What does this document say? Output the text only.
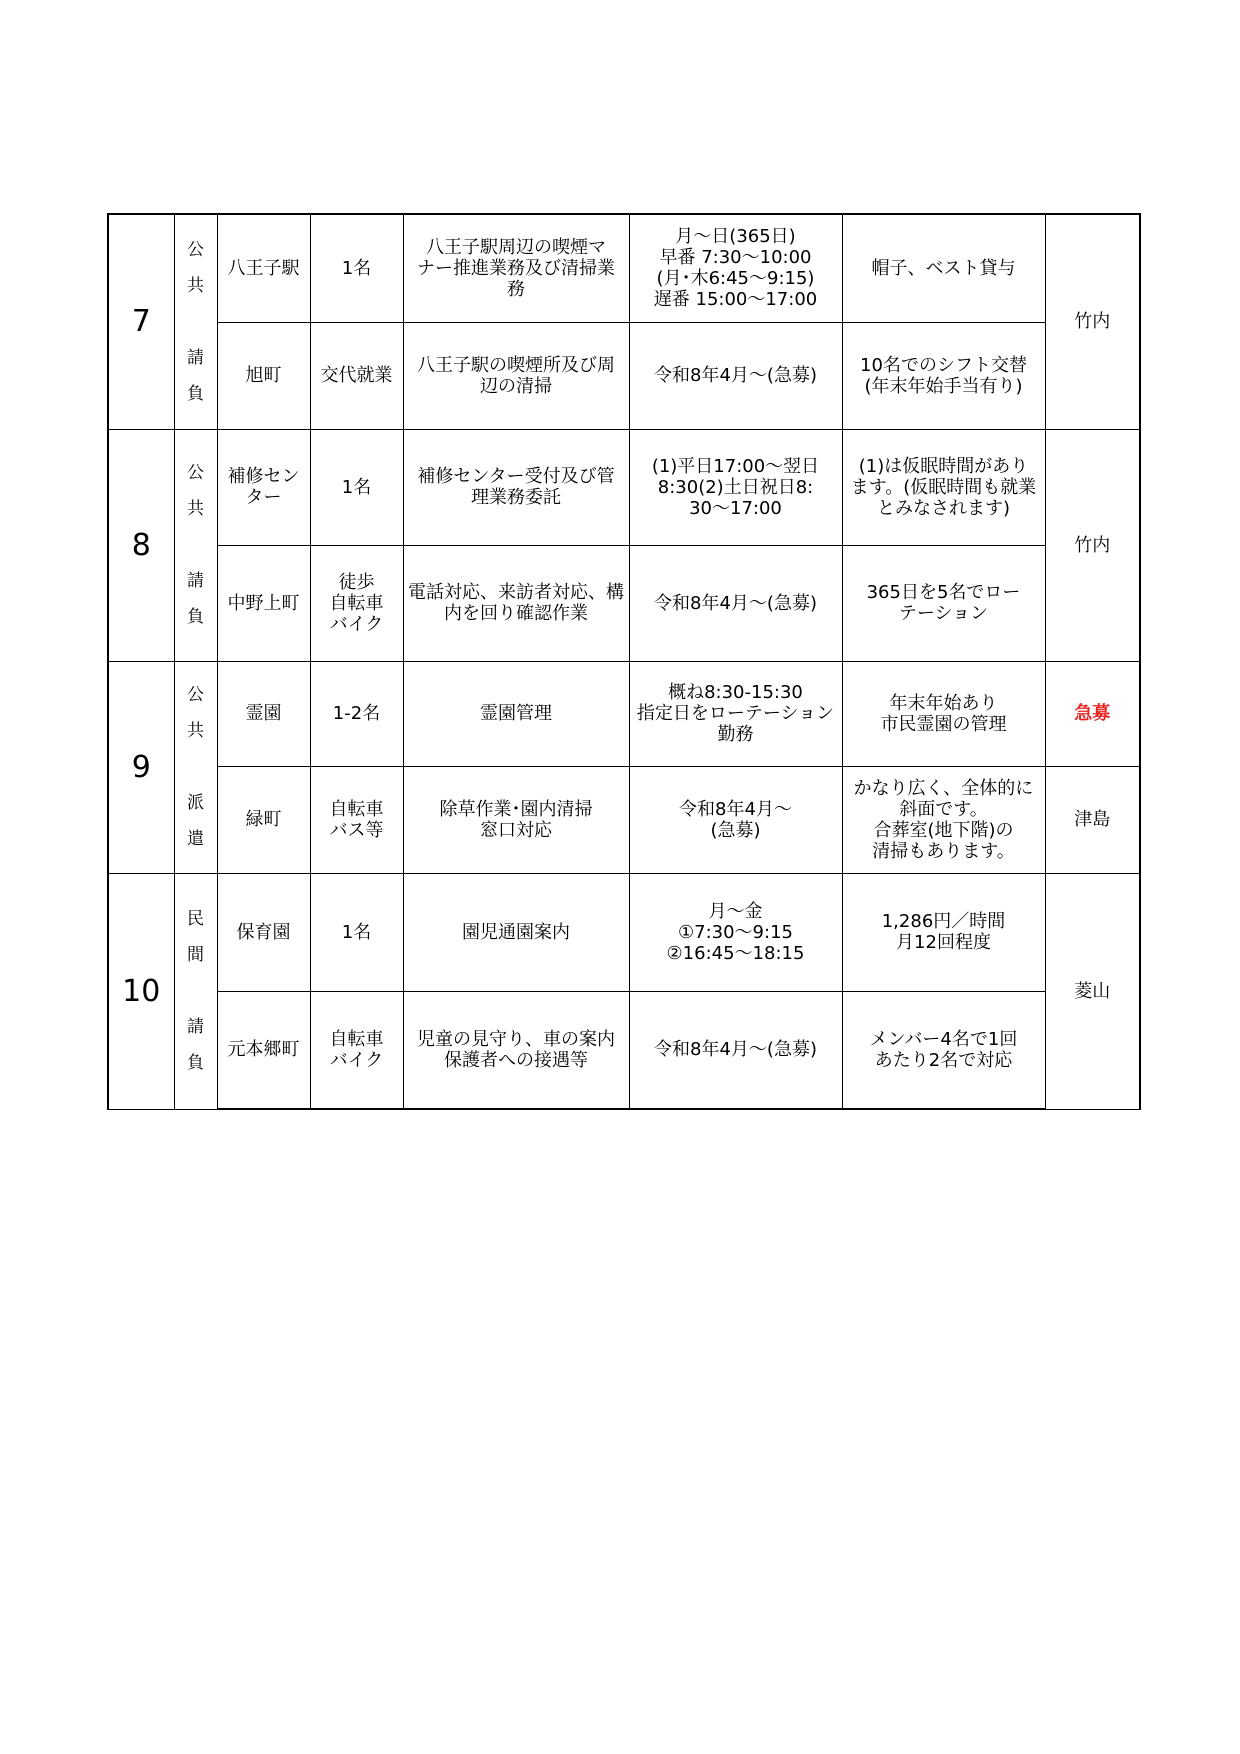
7	公
共

請
負	八王子駅	1名	八王子駅周辺の喫煙マ
ナー推進業務及び清掃業
務	月～日(365日)
早番 7:30～10:00
(月･木6:45～9:15)
遅番 15:00～17:00	帽子、ベスト貸与	竹内
		旭町	交代就業	八王子駅の喫煙所及び周
辺の清掃	令和8年4月～(急募)	10名でのシフト交替
(年末年始手当有り)	
8	公
共

請
負	補修セン
ター	1名	補修センター受付及び管
理業務委託	(1)平日17:00～翌日
8:30(2)土日祝日8:
30～17:00	(1)は仮眠時間があり
ます。(仮眠時間も就業
とみなされます)	竹内
		中野上町	徒歩
自転車
バイク	電話対応、来訪者対応、構
内を回り確認作業	令和8年4月～(急募)	365日を5名でロー
テーション	
9	公
共

派
遣	霊園	1-2名	霊園管理	概ね8:30-15:30
指定日をローテーション
勤務	年末年始あり
市民霊園の管理	急募
		緑町	自転車
バス等	除草作業･園内清掃
窓口対応	令和8年4月～
(急募)	かなり広く、全体的に
斜面です。
合葬室(地下階)の
清掃もあります。	津島
10	民
間

請
負	保育園	1名	園児通園案内	月～金
①7:30～9:15
②16:45～18:15	1,286円／時間
月12回程度	菱山
		元本郷町	自転車
バイク	児童の見守り、車の案内
保護者への接遇等	令和8年4月～(急募)	メンバー4名で1回
あたり2名で対応	
